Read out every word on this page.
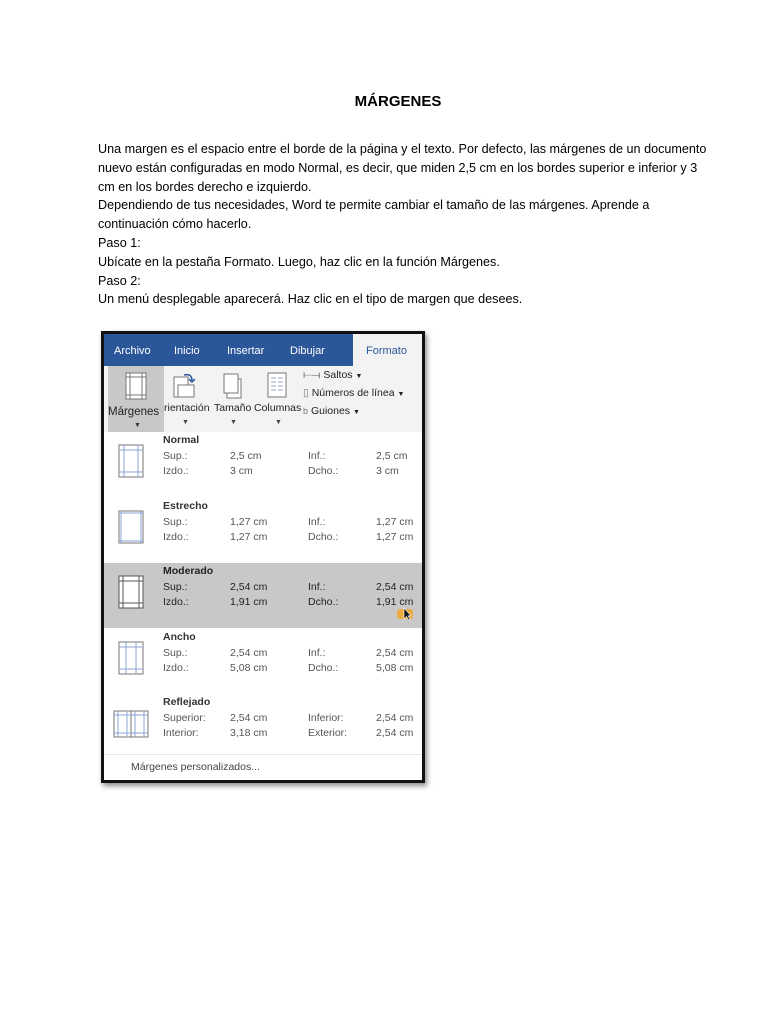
MÁRGENES

Una margen es el espacio entre el borde de la página y el texto. Por defecto, las márgenes de un documento nuevo están configuradas en modo Normal, es decir, que miden 2,5 cm en los bordes superior e inferior y 3 cm en los bordes derecho e izquierdo.

Dependiendo de tus necesidades, Word te permite cambiar el tamaño de las márgenes. Aprende a continuación cómo hacerlo.

Paso 1:

Ubícate en la pestaña Formato. Luego, haz clic en la función Márgenes.

Paso 2:

Un menú desplegable aparecerá. Haz clic en el tipo de margen que desees.

Archivo Inicio Insertar Dibujar	Formato
Márgenes
▼
rientación Tamaño Columnas
▼	▼	▼
⟝⟞ Saltos ▼
▯ Números de línea ▼
b Guiones ▼
Normal
Sup.:	2,5 cm	Inf.:	2,5 cm
Izdo.:	3 cm	Dcho.:	3 cm
Estrecho
Sup.:	1,27 cm	Inf.:	1,27 cm
Izdo.:	1,27 cm	Dcho.:	1,27 cm
Moderado
Sup.:	2,54 cm	Inf.:	2,54 cm
Izdo.:	1,91 cm	Dcho.:	1,91 cm
Ancho
Sup.:	2,54 cm	Inf.:	2,54 cm
Izdo.:	5,08 cm	Dcho.:	5,08 cm
Reflejado
Superior: 2,54 cm	Inferior:	2,54 cm
Interior:	3,18 cm	Exterior:	2,54 cm
Márgenes personalizados...
